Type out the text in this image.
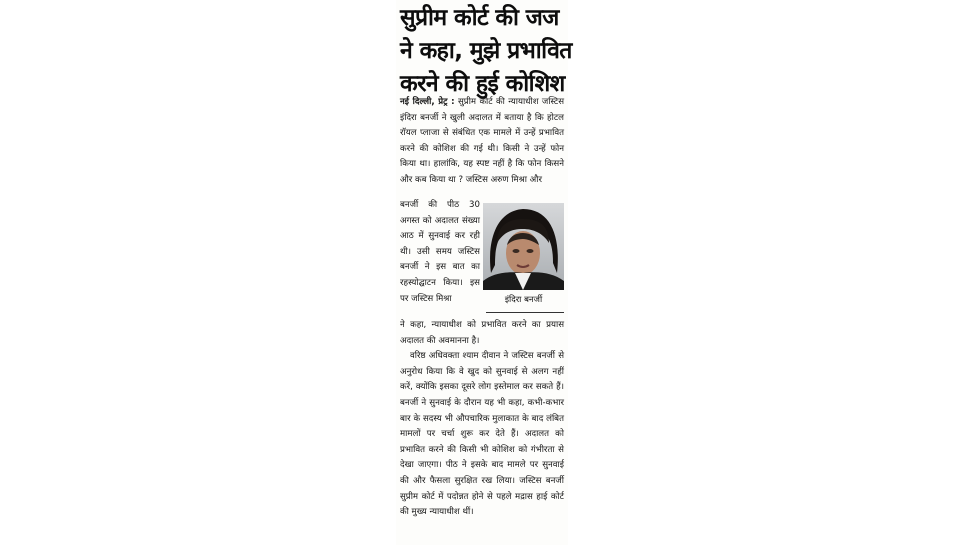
सुप्रीम कोर्ट की जज
ने कहा, मुझे प्रभावित
करने की हुई कोशिश

नई दिल्ली, प्रेट्र : सुप्रीम कोर्ट की न्यायाधीश जस्टिस इंदिरा बनर्जी ने खुली अदालत में बताया है कि होटल रॉयल प्लाजा से संबंधित एक मामले में उन्हें प्रभावित करने की कोशिश की गई थी। किसी ने उन्हें फोन किया था। हालांकि, यह स्पष्ट नहीं है कि फोन किसने और कब किया था ? जस्टिस अरुण मिश्रा और

बनर्जी की पीठ 30 अगस्त को अदालत संख्या आठ में सुनवाई कर रही थी। उसी समय जस्टिस बनर्जी ने इस बात का रहस्योद्घाटन किया। इस पर जस्टिस मिश्रा	इंदिरा बनर्जी

ने कहा, न्यायाधीश को प्रभावित करने का प्रयास अदालत की अवमानना है।

वरिष्ठ अधिवक्ता श्याम दीवान ने जस्टिस बनर्जी से अनुरोध किया कि वे खुद को सुनवाई से अलग नहीं करें, क्योंकि इसका दूसरे लोग इस्तेमाल कर सकते हैं। बनर्जी ने सुनवाई के दौरान यह भी कहा, कभी-कभार बार के सदस्य भी औपचारिक मुलाकात के बाद लंबित मामलों पर चर्चा शुरू कर देते हैं। अदालत को प्रभावित करने की किसी भी कोशिश को गंभीरता से देखा जाएगा। पीठ ने इसके बाद मामले पर सुनवाई की और फैसला सुरक्षित रख लिया। जस्टिस बनर्जी सुप्रीम कोर्ट में पदोन्नत होने से पहले मद्रास हाई कोर्ट की मुख्य न्यायाधीश थीं।
